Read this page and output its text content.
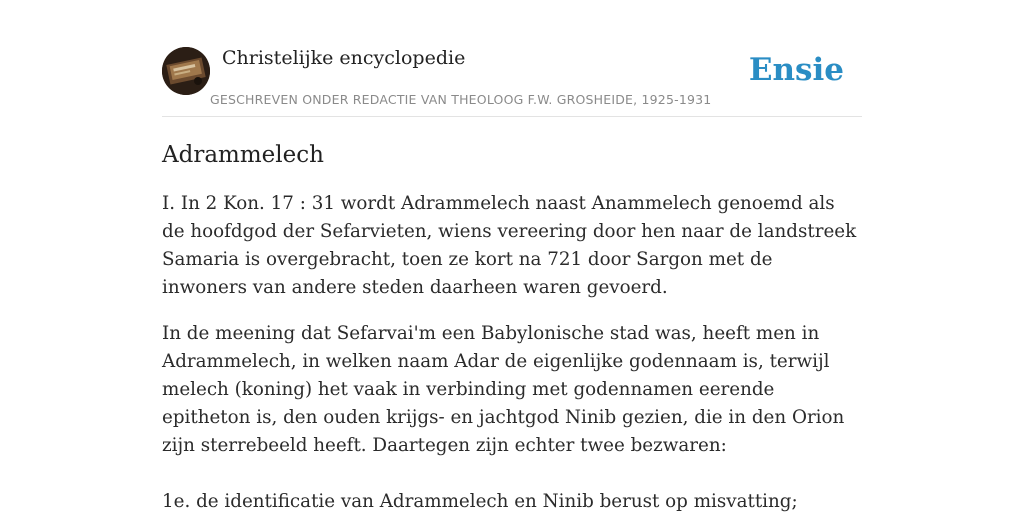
Christelijke encyclopedie
GESCHREVEN ONDER REDACTIE VAN THEOLOOG F.W. GROSHEIDE, 1925-1931
Ensie
Adrammelech

I. In 2 Kon. 17 : 31 wordt Adrammelech naast Anammelech genoemd als de hoofdgod der Sefarvieten, wiens vereering door hen naar de landstreek Samaria is overgebracht, toen ze kort na 721 door Sargon met de inwoners van andere steden daarheen waren gevoerd.

In de meening dat Sefarvai'm een Babylonische stad was, heeft men in Adrammelech, in welken naam Adar de eigenlijke godennaam is, terwijl melech (koning) het vaak in verbinding met godennamen eerende epitheton is, den ouden krijgs- en jachtgod Ninib gezien, die in den Orion zijn sterrebeeld heeft. Daartegen zijn echter twee bezwaren:

1e. de identificatie van Adrammelech en Ninib berust op misvatting;
